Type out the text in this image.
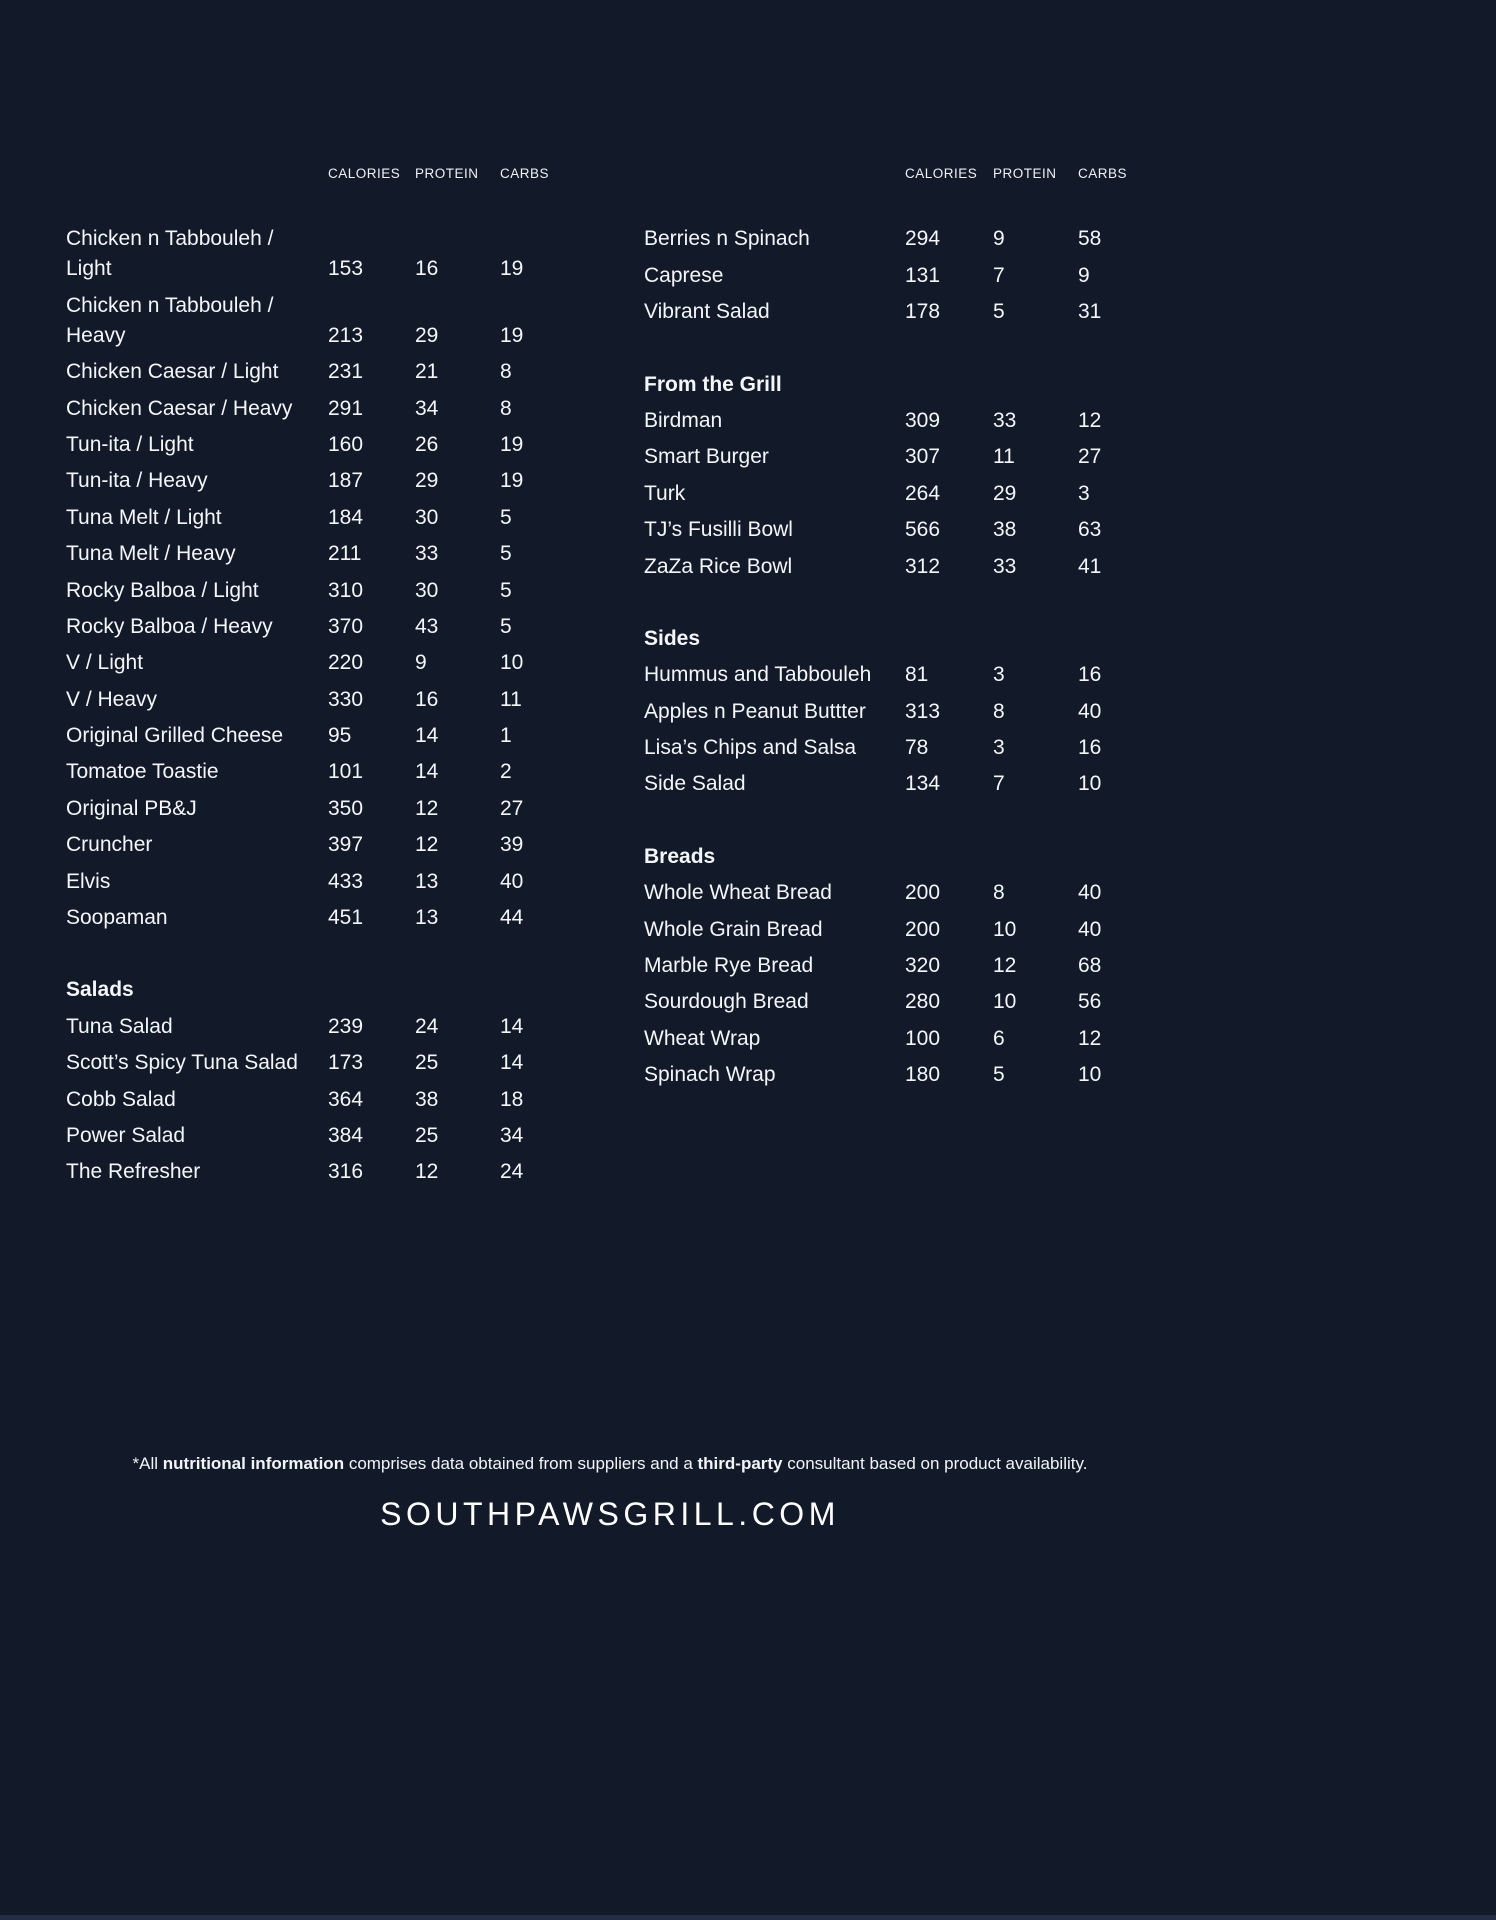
CALORIES	PROTEIN	CARBS
Chicken n Tabbouleh /
Light	153	16	19
Chicken n Tabbouleh /
Heavy	213	29	19
Chicken Caesar / Light	231	21	8
Chicken Caesar / Heavy	291	34	8
Tun-ita / Light	160	26	19
Tun-ita / Heavy	187	29	19
Tuna Melt / Light	184	30	5
Tuna Melt / Heavy	211	33	5
Rocky Balboa / Light	310	30	5
Rocky Balboa / Heavy	370	43	5
V / Light	220	9	10
V / Heavy	330	16	11
Original Grilled Cheese	95	14	1
Tomatoe Toastie	101	14	2
Original PB&J	350	12	27
Cruncher	397	12	39
Elvis	433	13	40
Soopaman	451	13	44
Salads
Tuna Salad	239	24	14
Scott’s Spicy Tuna Salad	173	25	14
Cobb Salad	364	38	18
Power Salad	384	25	34
The Refresher	316	12	24
CALORIES	PROTEIN	CARBS
Berries n Spinach	294	9	58
Caprese	131	7	9
Vibrant Salad	178	5	31
From the Grill
Birdman	309	33	12
Smart Burger	307	11	27
Turk	264	29	3
TJ’s Fusilli Bowl	566	38	63
ZaZa Rice Bowl	312	33	41
Sides
Hummus and Tabbouleh	81	3	16
Apples n Peanut Buttter	313	8	40
Lisa’s Chips and Salsa	78	3	16
Side Salad	134	7	10
Breads
Whole Wheat Bread	200	8	40
Whole Grain Bread	200	10	40
Marble Rye Bread	320	12	68
Sourdough Bread	280	10	56
Wheat Wrap	100	6	12
Spinach Wrap	180	5	10
*All nutritional information comprises data obtained from suppliers and a third-party consultant based on product availability.
SOUTHPAWSGRILL.COM
